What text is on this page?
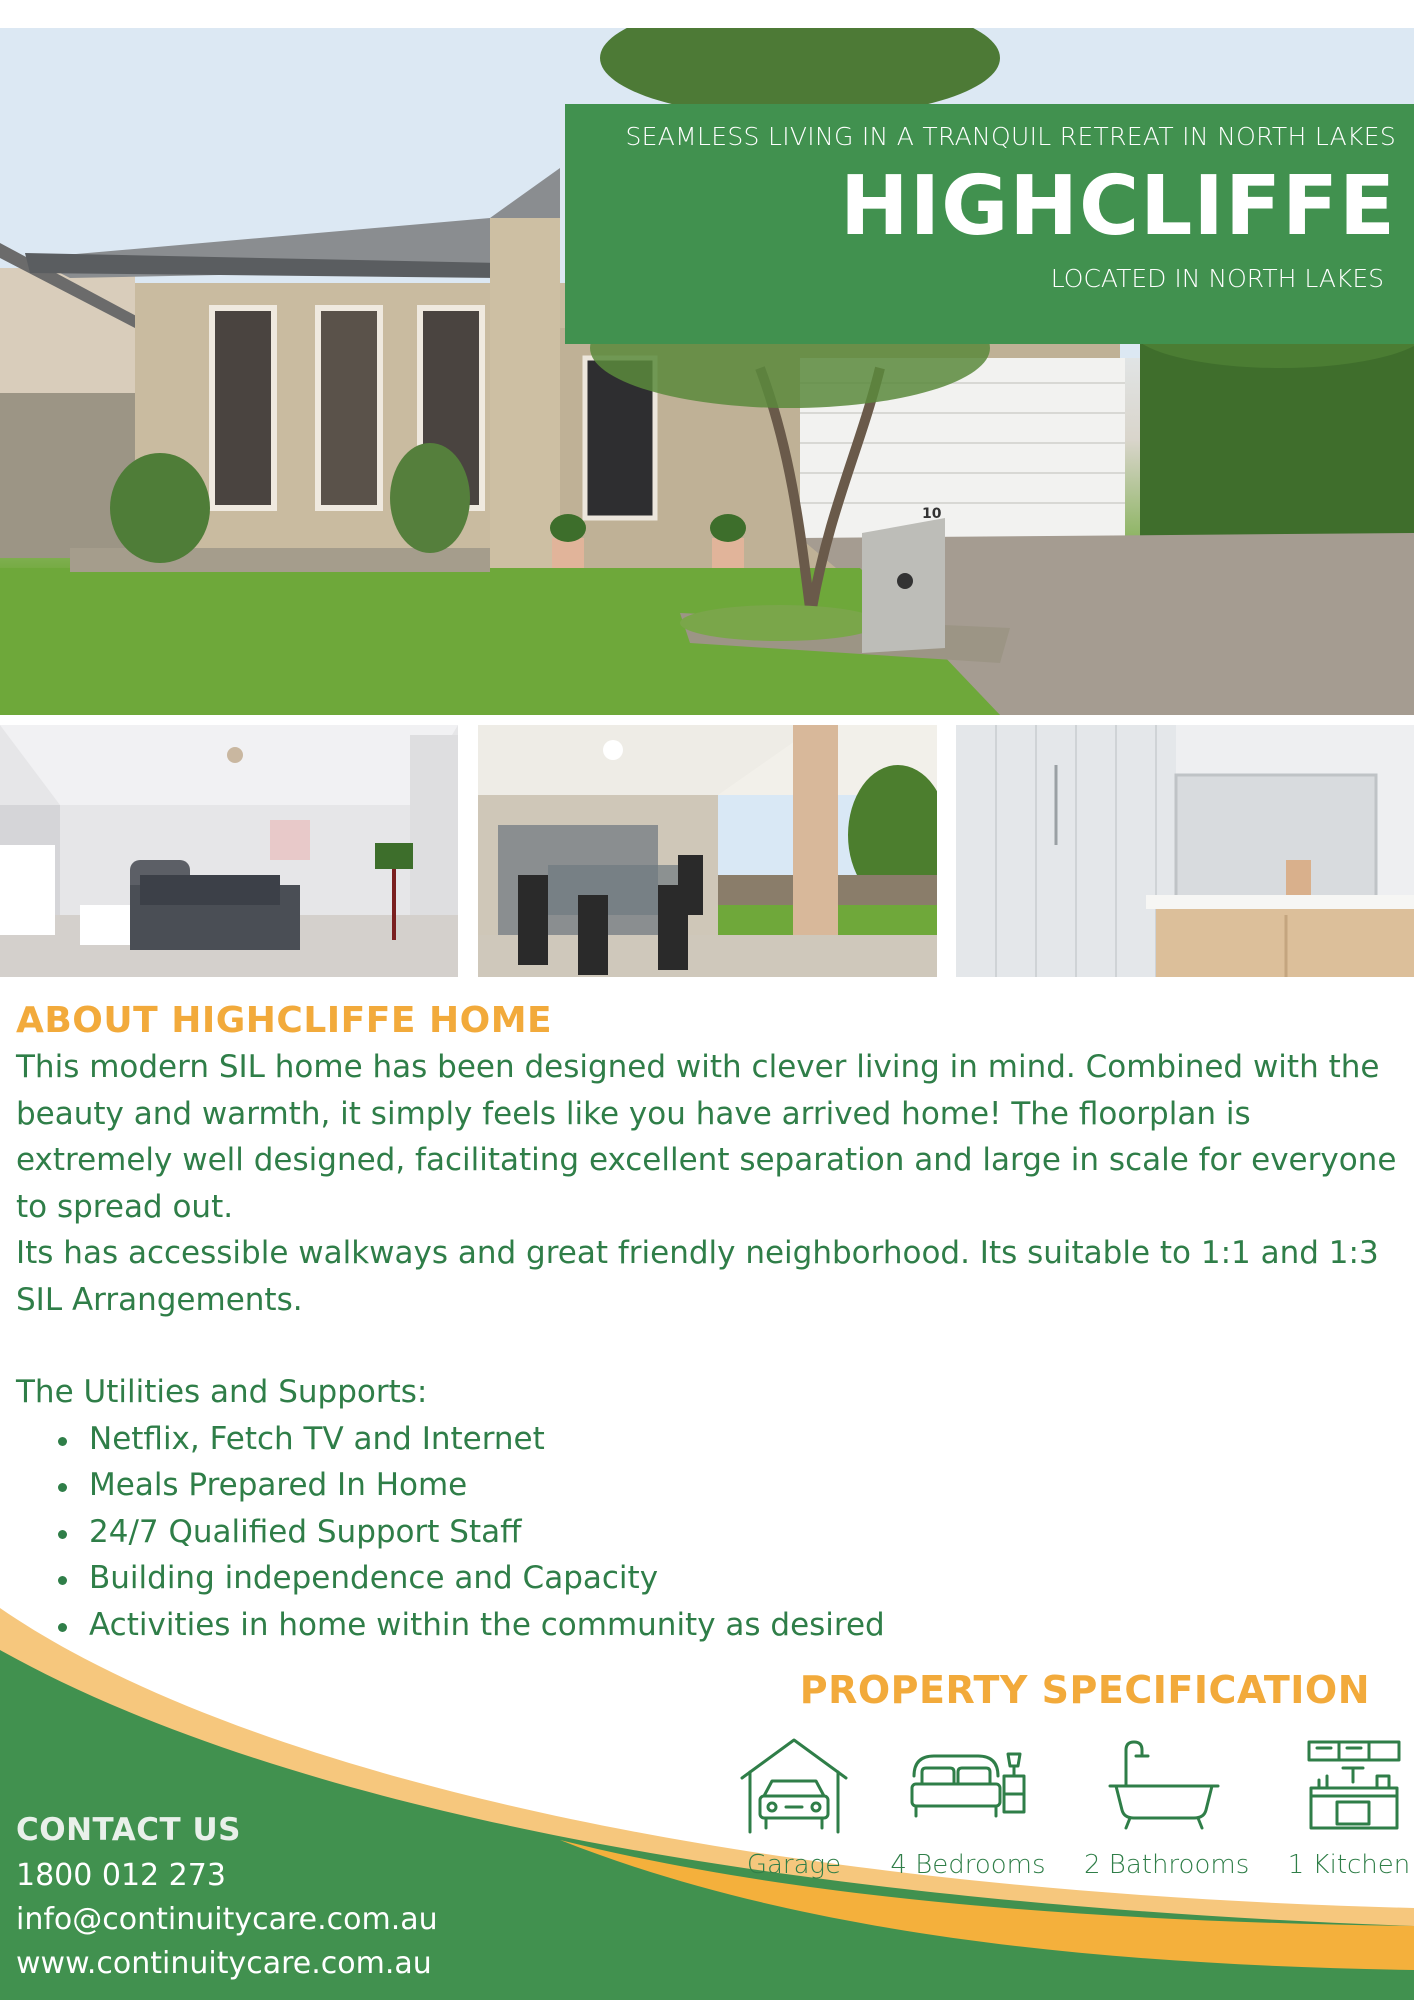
10
SEAMLESS LIVING IN A TRANQUIL RETREAT IN NORTH LAKES
HIGHCLIFFE
LOCATED IN NORTH LAKES
ABOUT HIGHCLIFFE HOME

This modern SIL home has been designed with clever living in mind. Combined with the beauty and warmth, it simply feels like you have arrived home! The floorplan is extremely well designed, facilitating excellent separation and large in scale for everyone to spread out.

Its has accessible walkways and great friendly neighborhood. Its suitable to 1:1 and 1:3 SIL Arrangements.

The Utilities and Supports:

Netflix, Fetch TV and Internet
Meals Prepared In Home
24/7 Qualified Support Staff
Building independence and Capacity
Activities in home within the community as desired
PROPERTY SPECIFICATION
Garage	4 Bedrooms 2 Bathrooms 1 Kitchen
CONTACT US
1800 012 273
info@continuitycare.com.au
www.continuitycare.com.au
